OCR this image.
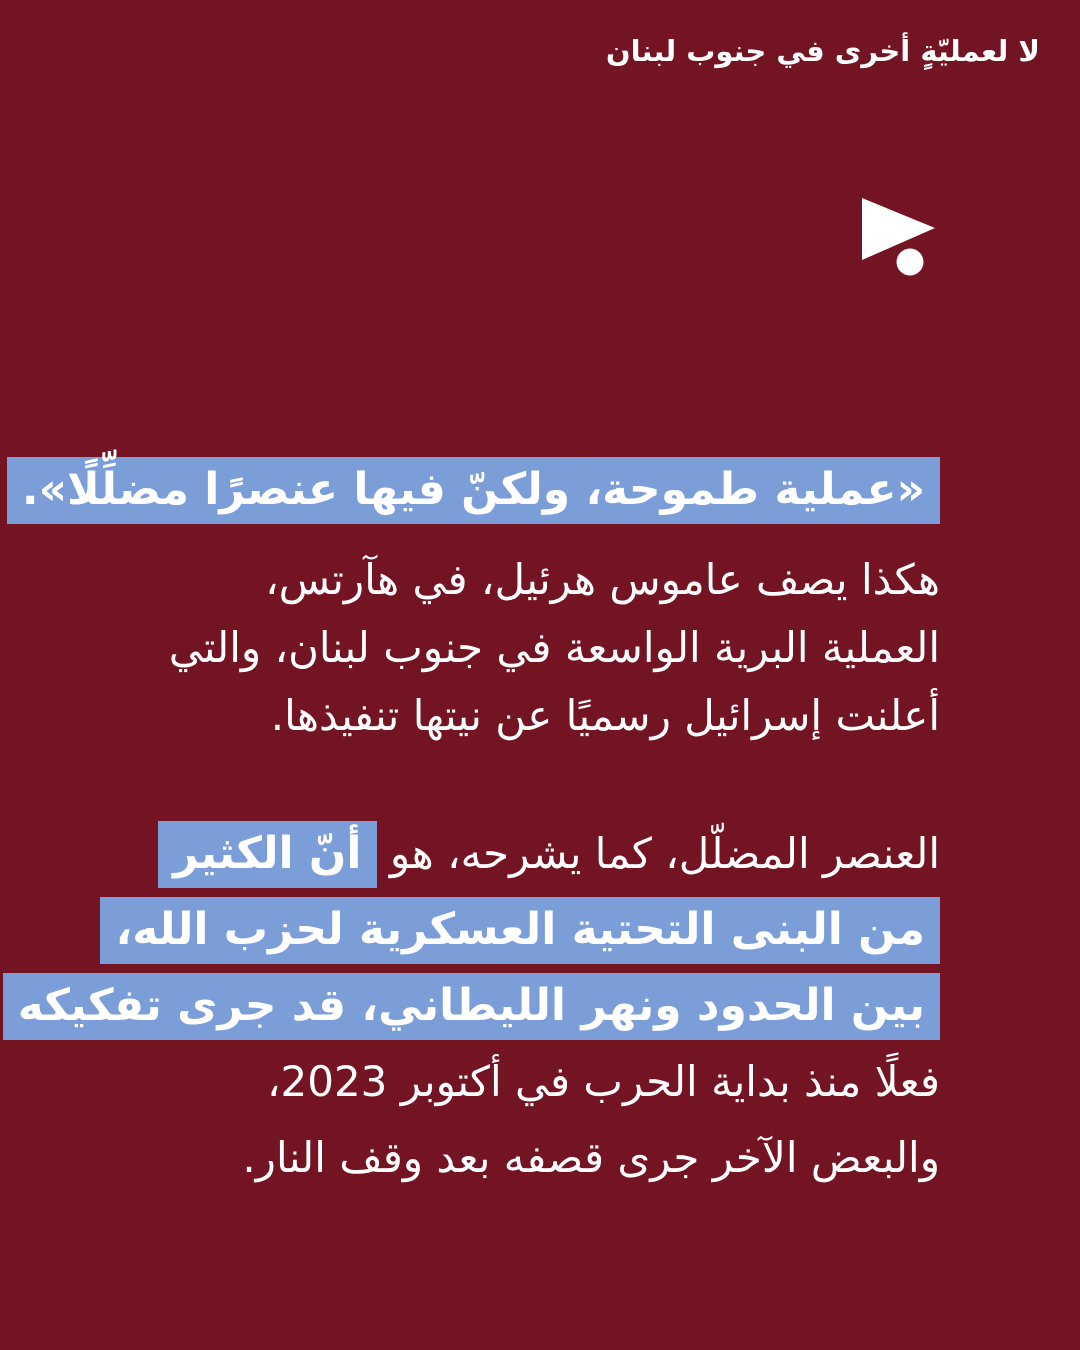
لا لعمليّةٍ أخرى في جنوب لبنان
«عملية طموحة، ولكنّ فيها عنصرًا مضلِّلًا».
هكذا يصف عاموس هرئيل، في هآرتس،
العملية البرية الواسعة في جنوب لبنان، والتي
أعلنت إسرائيل رسميًا عن نيتها تنفيذها.
العنصر المضلّل، كما يشرحه، هو أنّ الكثير
من البنى التحتية العسكرية لحزب الله،
بين الحدود ونهر الليطاني، قد جرى تفكيكه
فعلًا منذ بداية الحرب في أكتوبر 2023،
والبعض الآخر جرى قصفه بعد وقف النار.
